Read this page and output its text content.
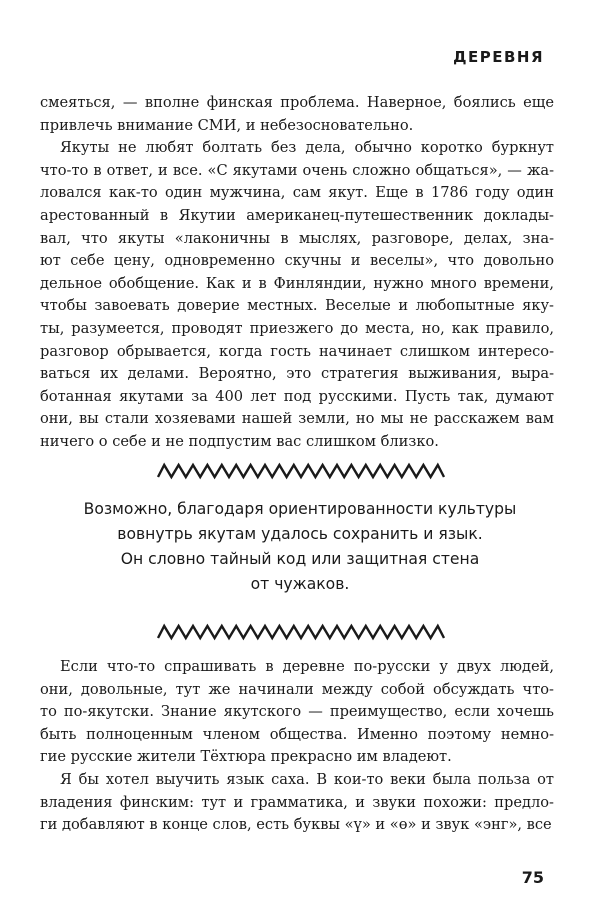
ДЕРЕВНЯ

смеяться, — вполне финская проблема. Наверное, боялись еще
привлечь внимание СМИ, и небезосновательно.

Якуты не любят болтать без дела, обычно коротко буркнут
что-то в ответ, и все. «С якутами очень сложно общаться», — жа-
ловался как-то один мужчина, сам якут. Еще в 1786 году один
арестованный в Якутии американец-путешественник доклады-
вал, что якуты «лаконичны в мыслях, разговоре, делах, зна-
ют себе цену, одновременно скучны и веселы», что довольно
дельное обобщение. Как и в Финляндии, нужно много времени,
чтобы завоевать доверие местных. Веселые и любопытные яку-
ты, разумеется, проводят приезжего до места, но, как правило,
разговор обрывается, когда гость начинает слишком интересо-
ваться их делами. Вероятно, это стратегия выживания, выра-
ботанная якутами за 400 лет под русскими. Пусть так, думают
они, вы стали хозяевами нашей земли, но мы не расскажем вам
ничего о себе и не подпустим вас слишком близко.

Возможно, благодаря ориентированности культуры
вовнутрь якутам удалось сохранить и язык.
Он словно тайный код или защитная стена
от чужаков.

Если что-то спрашивать в деревне по-русски у двух людей,
они, довольные, тут же начинали между собой обсуждать что-
то по-якутски. Знание якутского — преимущество, если хочешь
быть полноценным членом общества. Именно поэтому немно-
гие русские жители Тёхтюра прекрасно им владеют.

Я бы хотел выучить язык саха. В кои-то веки была польза от
владения финским: тут и грамматика, и звуки похожи: предло-
ги добавляют в конце слов, есть буквы «ү» и «ɵ» и звук «энг», все

75
